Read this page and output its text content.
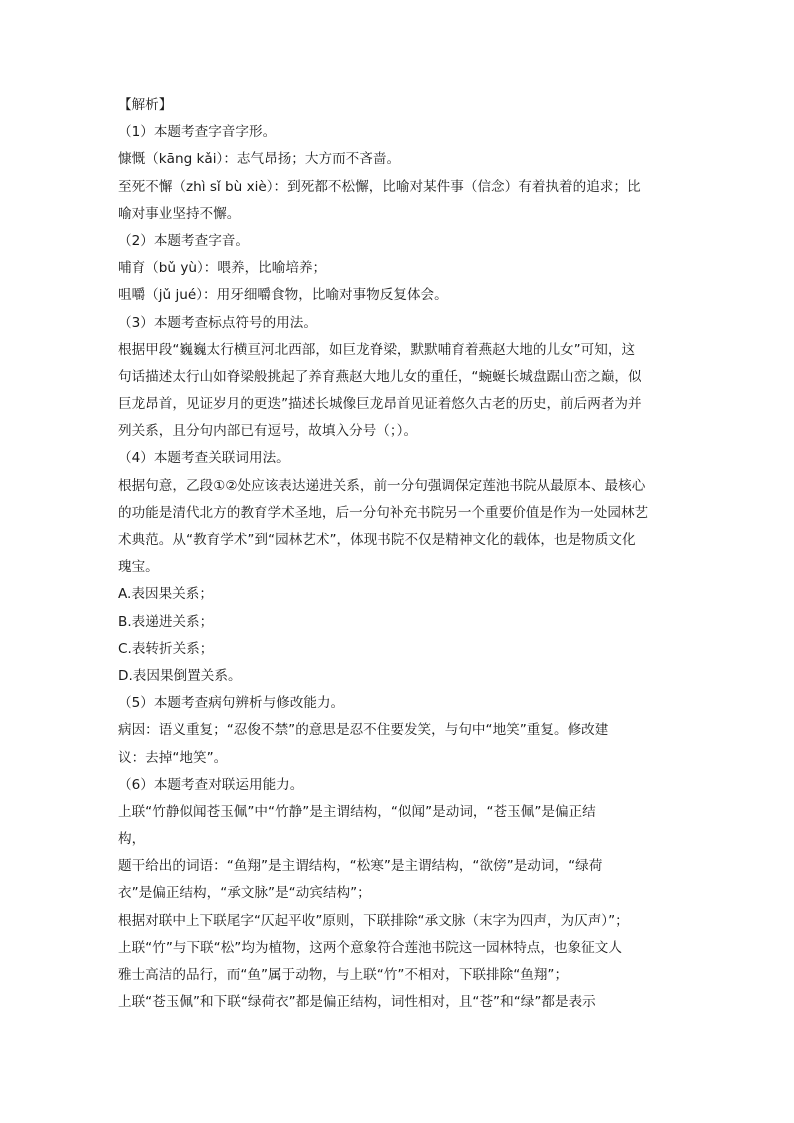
【解析】
（1）本题考查字音字形。
慷慨（kāng kǎi）：志气昂扬；大方而不吝啬。
至死不懈（zhì sǐ bù xiè）：到死都不松懈，比喻对某件事（信念）有着执着的追求；比
喻对事业坚持不懈。
（2）本题考查字音。
哺育（bǔ yù）：喂养，比喻培养；
咀嚼（jǔ jué）：用牙细嚼食物，比喻对事物反复体会。
（3）本题考查标点符号的用法。
根据甲段“巍巍太行横亘河北西部，如巨龙脊梁，默默哺育着燕赵大地的儿女”可知，这
句话描述太行山如脊梁般挑起了养育燕赵大地儿女的重任，“蜿蜒长城盘踞山峦之巅，似
巨龙昂首，见证岁月的更迭”描述长城像巨龙昂首见证着悠久古老的历史，前后两者为并
列关系，且分句内部已有逗号，故填入分号（；）。
（4）本题考查关联词用法。
根据句意，乙段①②处应该表达递进关系，前一分句强调保定莲池书院从最原本、最核心
的功能是清代北方的教育学术圣地，后一分句补充书院另一个重要价值是作为一处园林艺
术典范。从“教育学术”到“园林艺术”，体现书院不仅是精神文化的载体，也是物质文化
瑰宝。
A.表因果关系；
B.表递进关系；
C.表转折关系；
D.表因果倒置关系。
（5）本题考查病句辨析与修改能力。
病因：语义重复；“忍俊不禁”的意思是忍不住要发笑，与句中“地笑”重复。修改建
议：去掉“地笑”。
（6）本题考查对联运用能力。
上联“竹静似闻苍玉佩”中“竹静”是主谓结构，“似闻”是动词，“苍玉佩”是偏正结
构，
题干给出的词语：“鱼翔”是主谓结构，“松寒”是主谓结构，“欲傍”是动词，“绿荷
衣”是偏正结构，“承文脉”是“动宾结构”；
根据对联中上下联尾字“仄起平收”原则，下联排除“承文脉（末字为四声，为仄声）”；
上联“竹”与下联“松”均为植物，这两个意象符合莲池书院这一园林特点，也象征文人
雅士高洁的品行，而“鱼”属于动物，与上联“竹”不相对，下联排除“鱼翔”；
上联“苍玉佩”和下联“绿荷衣”都是偏正结构，词性相对，且“苍”和“绿”都是表示
